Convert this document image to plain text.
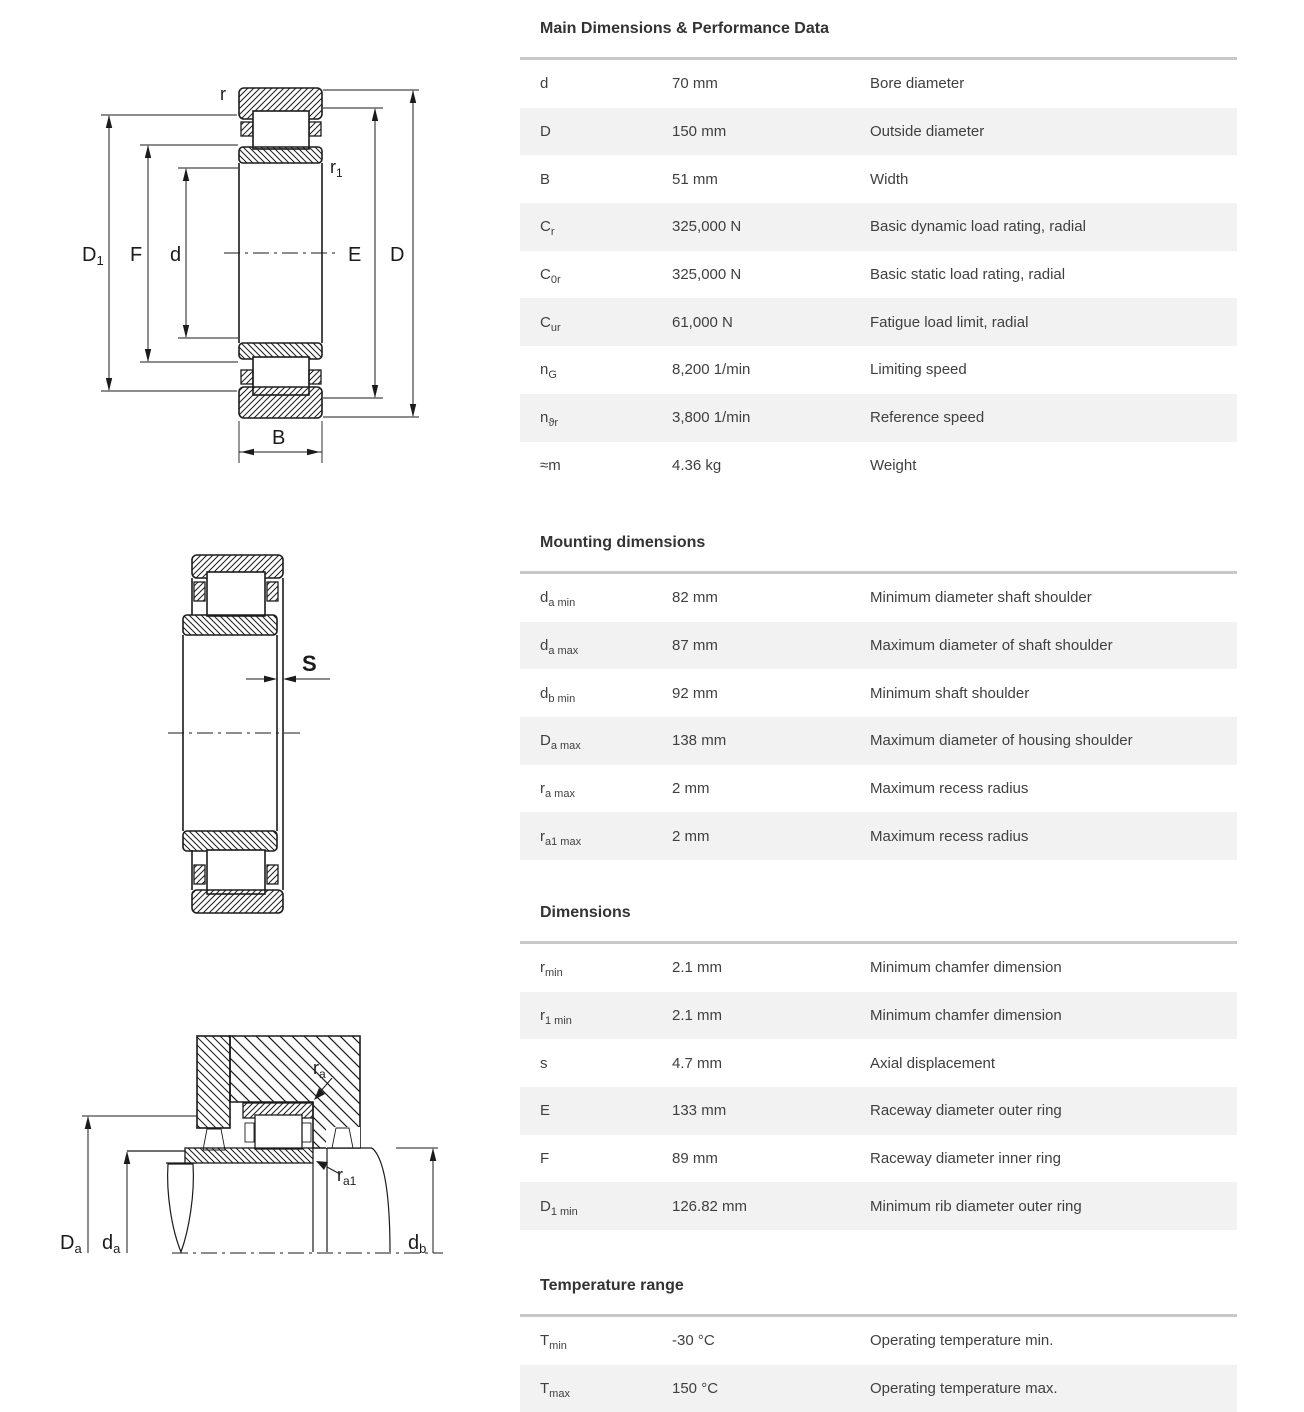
$D_1$ F d	E D
B
r
$r_1$
S
$D_a$ $d_a$	$d_b$
$r_a$
$r_{a1}$
Main Dimensions & Performance Data
d	70 mm	Bore diameter
D	150 mm	Outside diameter
B	51 mm	Width
$C_r$	325,000 N	Basic dynamic load rating, radial
$C_{0r}$	325,000 N	Basic static load rating, radial
$C_{ur}$	61,000 N	Fatigue load limit, radial
$n_G$	8,200 1/min	Limiting speed
$n_{ϑr}$	3,800 1/min	Reference speed
≈m	4.36 kg	Weight
Mounting dimensions
$d_{a min}$	82 mm	Minimum diameter shaft shoulder
$d_{a max}$	87 mm	Maximum diameter of shaft shoulder
$d_{b min}$	92 mm	Minimum shaft shoulder
$D_{a max}$	138 mm	Maximum diameter of housing shoulder
$r_{a max}$	2 mm	Maximum recess radius
$r_{a1 max}$	2 mm	Maximum recess radius
Dimensions
$r_{min}$	2.1 mm	Minimum chamfer dimension
$r_{1 min}$	2.1 mm	Minimum chamfer dimension
s	4.7 mm	Axial displacement
E	133 mm	Raceway diameter outer ring
F	89 mm	Raceway diameter inner ring
$D_{1 min}$	126.82 mm	Minimum rib diameter outer ring
Temperature range
$T_{min}$	-30 °C	Operating temperature min.
$T_{max}$	150 °C	Operating temperature max.
